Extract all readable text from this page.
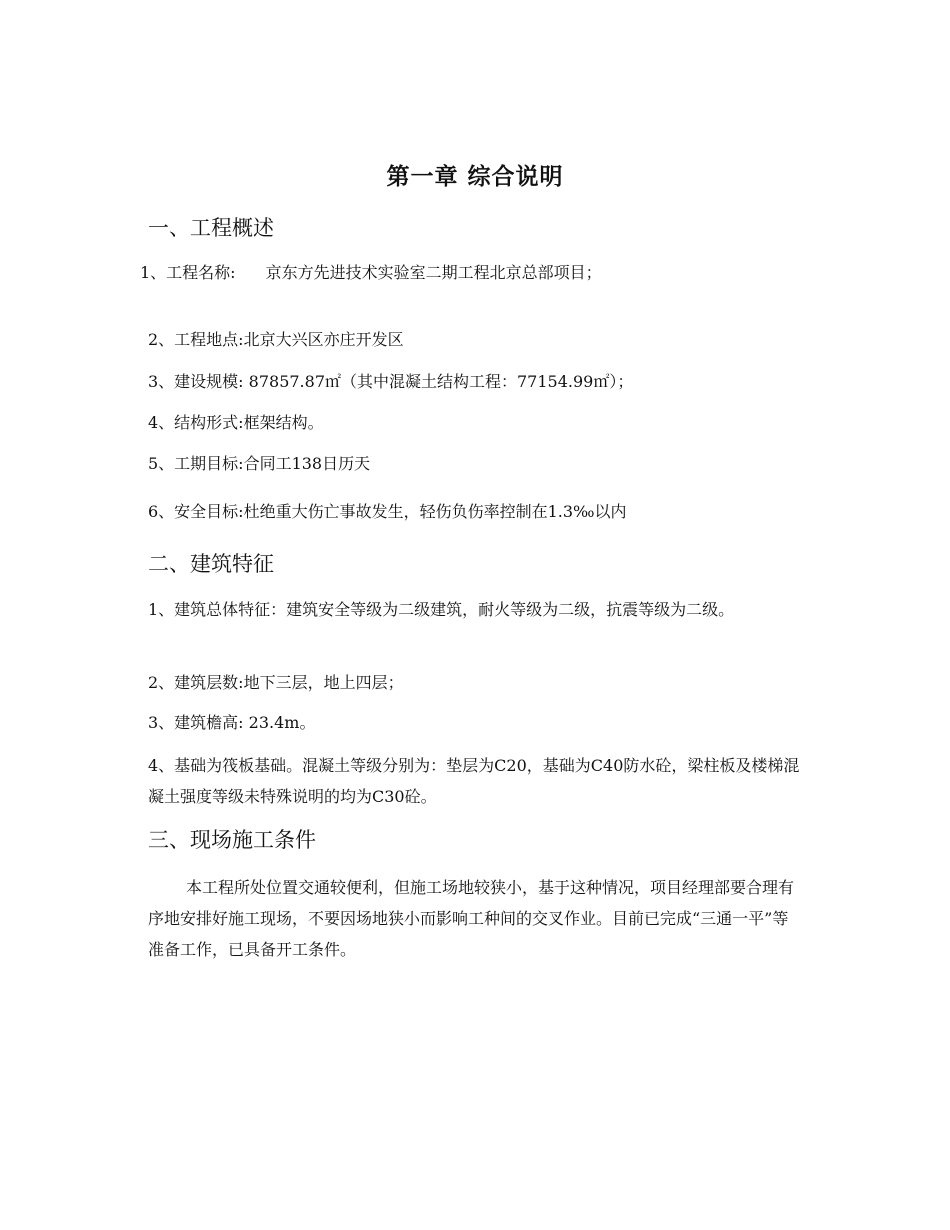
第一章 综合说明
一、工程概述
1、工程名称: 京东方先进技术实验室二期工程北京总部项目；
2、工程地点:北京大兴区亦庄开发区
3、建设规模: 87857.87㎡（其中混凝土结构工程：77154.99㎡）；
4、结构形式:框架结构。
5、工期目标:合同工138日历天
6、安全目标:杜绝重大伤亡事故发生，轻伤负伤率控制在1.3‰以内
二、建筑特征
1、建筑总体特征：建筑安全等级为二级建筑，耐火等级为二级，抗震等级为二级。
2、建筑层数:地下三层，地上四层；
3、建筑檐高: 23.4m。
4、基础为筏板基础。混凝土等级分别为：垫层为C20，基础为C40防水砼，梁柱板及楼梯混凝土强度等级未特殊说明的均为C30砼。
三、现场施工条件
本工程所处位置交通较便利，但施工场地较狭小，基于这种情况，项目经理部要合理有序地安排好施工现场，不要因场地狭小而影响工种间的交叉作业。目前已完成“三通一平”等准备工作，已具备开工条件。
